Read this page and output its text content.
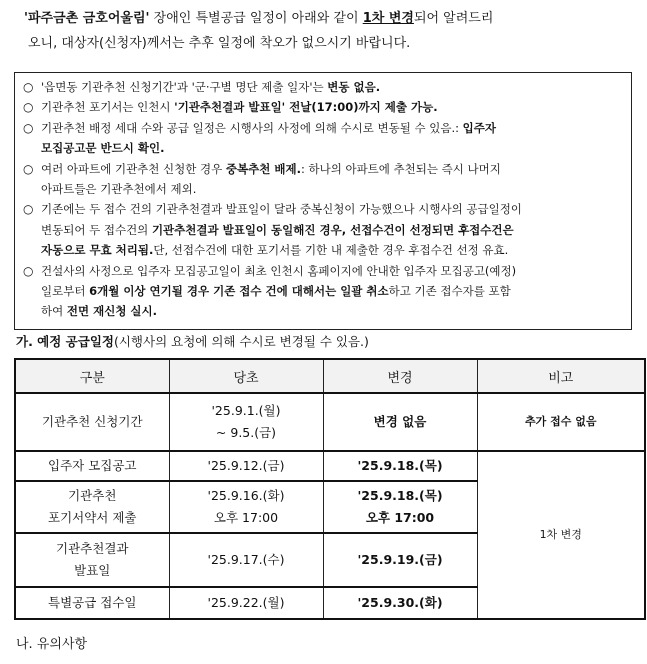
'파주금촌 금호어울림' 장애인 특별공급 일정이 아래와 같이 1차 변경되어 알려드리
오니, 대상자(신청자)께서는 추후 일정에 착오가 없으시기 바랍니다.
○ '읍면동 기관추천 신청기간'과 '군·구별 명단 제출 일자'는 변동 없음.
○ 기관추천 포기서는 인천시 '기관추천결과 발표일' 전날(17:00)까지 제출 가능.
○ 기관추천 배정 세대 수와 공급 일정은 시행사의 사정에 의해 수시로 변동될 수 있음.: 입주자
모집공고문 반드시 확인.
○ 여러 아파트에 기관추천 신청한 경우 중복추천 배제.: 하나의 아파트에 추천되는 즉시 나머지
아파트들은 기관추천에서 제외.
○ 기존에는 두 접수 건의 기관추천결과 발표일이 달라 중복신청이 가능했으나 시행사의 공급일정이
변동되어 두 접수건의 기관추천결과 발표일이 동일해진 경우, 선접수건이 선정되면 후접수건은
자동으로 무효 처리됨.단, 선접수건에 대한 포기서를 기한 내 제출한 경우 후접수건 선정 유효.
○ 건설사의 사정으로 입주자 모집공고일이 최초 인천시 홈페이지에 안내한 입주자 모집공고(예정)
일로부터 6개월 이상 연기될 경우 기존 접수 건에 대해서는 일괄 취소하고 기존 접수자를 포함
하여 전면 재신청 실시.
가. 예정 공급일정(시행사의 요청에 의해 수시로 변경될 수 있음.)
구분	당초	변경	비고

기관추천 신청기간	'25.9.1.(월)
~ 9.5.(금)	변경 없음	추가 접수 없음

입주자 모집공고	'25.9.12.(금)	'25.9.18.(목)	1차 변경

기관추천
포기서약서 제출	'25.9.16.(화)
오후 17:00	'25.9.18.(목)
오후 17:00	

기관추천결과
발표일	'25.9.17.(수)	'25.9.19.(금)	

특별공급 접수일	'25.9.22.(월)	'25.9.30.(화)	
나. 유의사항
